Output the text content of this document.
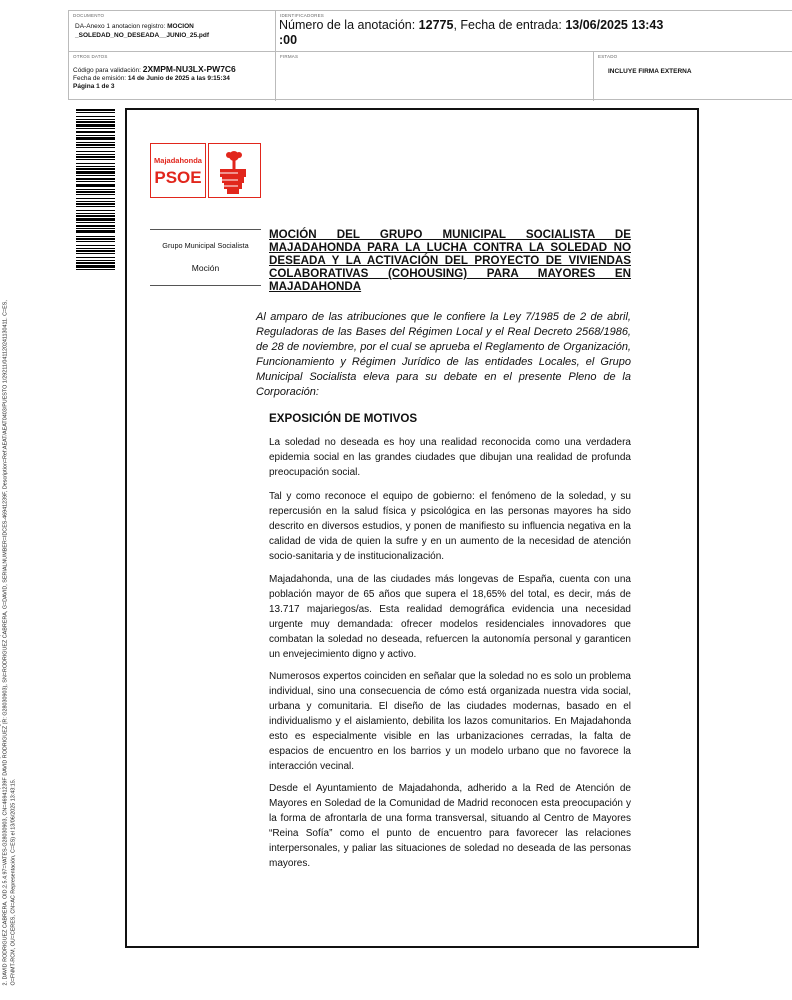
DOCUMENTO
DA-Anexo 1 anotacion registro: MOCION
_SOLEDAD_NO_DESEADA__JUNIO_25.pdf
IDENTIFICADORES
Número de la anotación: 12775, Fecha de entrada: 13/06/2025 13:43
:00
OTROS DATOS
Código para validación: 2XMPM-NU3LX-PW7C6
Fecha de emisión: 14 de Junio de 2025 a las 9:15:34
Página 1 de 3
FIRMAS	ESTADO
INCLUYE FIRMA EXTERNA
2. DAVID RODRIGUEZ CABRERA. OID.2.5.4.97=VATES-G28030903, CN=46941239F DAVID RODRIGUEZ (R: G28030903), SN=RODRIGUEZ CABRERA, G=DAVID, SERIALNUMBER=IDCES-46941239F, Description=Ref:AEAT/AEAT0403/PUESTO 1/29211/041120241130411. C=ES, O=FNMT-RCM, OU=CERES, CN=AC Representación, C=ES) el 13/06/2025 13:43:15.
Majadahonda
PSOE
Grupo Municipal Socialista
Moción
MOCIÓN DEL GRUPO MUNICIPAL SOCIALISTA DE MAJADAHONDA PARA LA LUCHA CONTRA LA SOLEDAD NO DESEADA Y LA ACTIVACIÓN DEL PROYECTO DE VIVIENDAS COLABORATIVAS (COHOUSING) PARA MAYORES EN MAJADAHONDA
Al amparo de las atribuciones que le confiere la Ley 7/1985 de 2 de abril, Reguladoras de las Bases del Régimen Local y el Real Decreto 2568/1986, de 28 de noviembre, por el cual se aprueba el Reglamento de Organización, Funcionamiento y Régimen Jurídico de las entidades Locales, el Grupo Municipal Socialista eleva para su debate en el presente Pleno de la Corporación:
EXPOSICIÓN DE MOTIVOS
La soledad no deseada es hoy una realidad reconocida como una verdadera epidemia social en las grandes ciudades que dibujan una realidad de profunda preocupación social.
Tal y como reconoce el equipo de gobierno: el fenómeno de la soledad, y su repercusión en la salud física y psicológica en las personas mayores ha sido descrito en diversos estudios, y ponen de manifiesto su influencia negativa en la calidad de vida de quien la sufre y en un aumento de la necesidad de atención socio-sanitaria y de institucionalización.
Majadahonda, una de las ciudades más longevas de España, cuenta con una población mayor de 65 años que supera el 18,65% del total, es decir, más de 13.717 majariegos/as. Esta realidad demográfica evidencia una necesidad urgente muy demandada: ofrecer modelos residenciales innovadores que combatan la soledad no deseada, refuercen la autonomía personal y garanticen un envejecimiento digno y activo.
Numerosos expertos coinciden en señalar que la soledad no es solo un problema individual, sino una consecuencia de cómo está organizada nuestra vida social, urbana y comunitaria. El diseño de las ciudades modernas, basado en el individualismo y el aislamiento, debilita los lazos comunitarios. En Majadahonda esto es especialmente visible en las urbanizaciones cerradas, la falta de espacios de encuentro en los barrios y un modelo urbano que no favorece la interacción vecinal.
Desde el Ayuntamiento de Majadahonda, adherido a la Red de Atención de Mayores en Soledad de la Comunidad de Madrid reconocen esta preocupación y la forma de afrontarla de una forma transversal, situando al Centro de Mayores “Reina Sofía” como el punto de encuentro para favorecer las relaciones interpersonales, y paliar las situaciones de soledad no deseada de las personas mayores.
